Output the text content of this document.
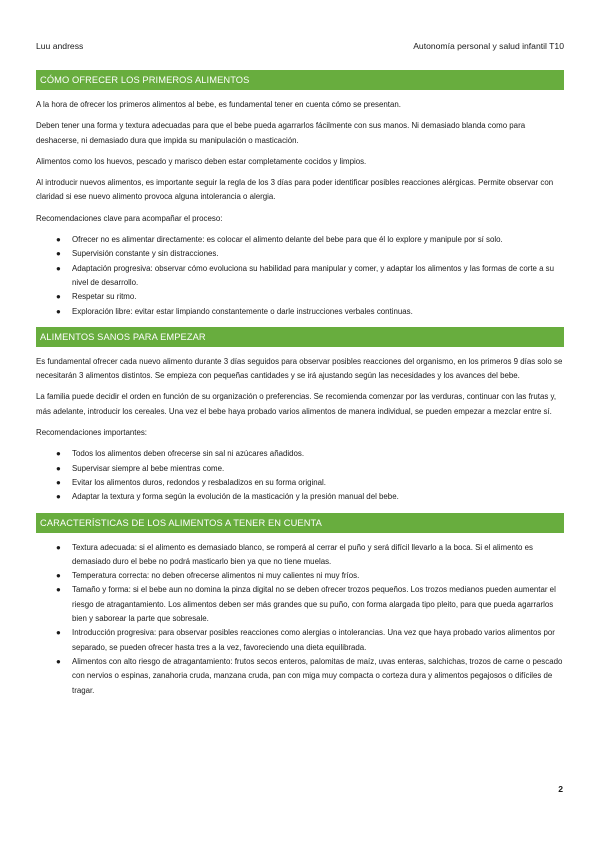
Luu andress	Autonomía personal y salud infantil T10
CÓMO OFRECER LOS PRIMEROS ALIMENTOS

A la hora de ofrecer los primeros alimentos al bebe, es fundamental tener en cuenta cómo se presentan.

Deben tener una forma y textura adecuadas para que el bebe pueda agarrarlos fácilmente con sus manos. Ni demasiado blanda como para deshacerse, ni demasiado dura que impida su manipulación o masticación.

Alimentos como los huevos, pescado y marisco deben estar completamente cocidos y limpios.

Al introducir nuevos alimentos, es importante seguir la regla de los 3 días para poder identificar posibles reacciones alérgicas. Permite observar con claridad si ese nuevo alimento provoca alguna intolerancia o alergia.

Recomendaciones clave para acompañar el proceso:

● Ofrecer no es alimentar directamente: es colocar el alimento delante del bebe para que él lo explore y manipule por sí solo.
● Supervisión constante y sin distracciones.
● Adaptación progresiva: observar cómo evoluciona su habilidad para manipular y comer, y adaptar los alimentos y las formas de corte a su nivel de desarrollo.
● Respetar su ritmo.
● Exploración libre: evitar estar limpiando constantemente o darle instrucciones verbales continuas.
ALIMENTOS SANOS PARA EMPEZAR

Es fundamental ofrecer cada nuevo alimento durante 3 días seguidos para observar posibles reacciones del organismo, en los primeros 9 días solo se necesitarán 3 alimentos distintos. Se empieza con pequeñas cantidades y se irá ajustando según las necesidades y los avances del bebe.

La familia puede decidir el orden en función de su organización o preferencias. Se recomienda comenzar por las verduras, continuar con las frutas y, más adelante, introducir los cereales. Una vez el bebe haya probado varios alimentos de manera individual, se pueden empezar a mezclar entre sí.

Recomendaciones importantes:

● Todos los alimentos deben ofrecerse sin sal ni azúcares añadidos.
● Supervisar siempre al bebe mientras come.
● Evitar los alimentos duros, redondos y resbaladizos en su forma original.
● Adaptar la textura y forma según la evolución de la masticación y la presión manual del bebe.
CARACTERÍSTICAS DE LOS ALIMENTOS A TENER EN CUENTA
● Textura adecuada: si el alimento es demasiado blanco, se romperá al cerrar el puño y será difícil llevarlo a la boca. Si el alimento es demasiado duro el bebe no podrá masticarlo bien ya que no tiene muelas.
● Temperatura correcta: no deben ofrecerse alimentos ni muy calientes ni muy fríos.
● Tamaño y forma: si el bebe aun no domina la pinza digital no se deben ofrecer trozos pequeños. Los trozos medianos pueden aumentar el riesgo de atragantamiento. Los alimentos deben ser más grandes que su puño, con forma alargada tipo pleito, para que pueda agarrarlos bien y saborear la parte que sobresale.
● Introducción progresiva: para observar posibles reacciones como alergias o intolerancias. Una vez que haya probado varios alimentos por separado, se pueden ofrecer hasta tres a la vez, favoreciendo una dieta equilibrada.
● Alimentos con alto riesgo de atragantamiento: frutos secos enteros, palomitas de maíz, uvas enteras, salchichas, trozos de carne o pescado con nervios o espinas, zanahoria cruda, manzana cruda, pan con miga muy compacta o corteza dura y alimentos pegajosos o difíciles de tragar.
2
